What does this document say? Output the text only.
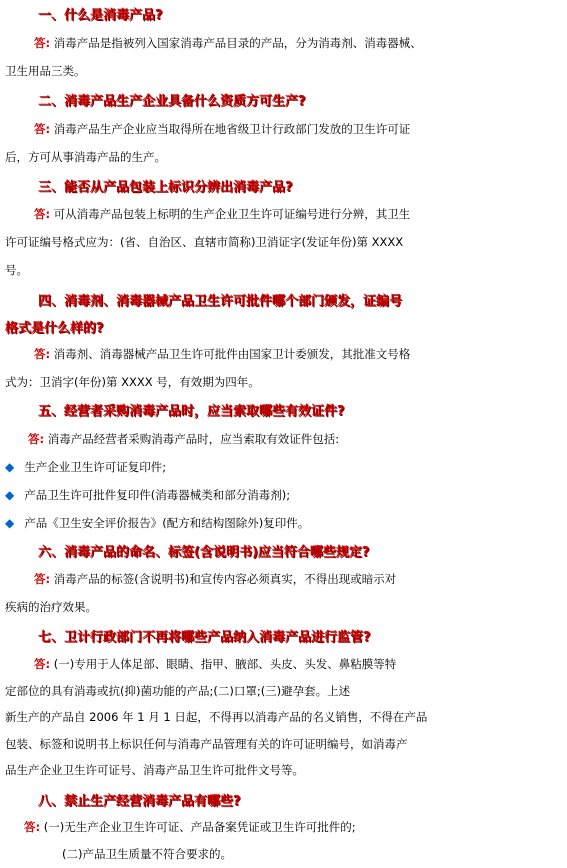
一、什么是消毒产品?
答: 消毒产品是指被列入国家消毒产品目录的产品，分为消毒剂、消毒器械、
卫生用品三类。
二、消毒产品生产企业具备什么资质方可生产?
答: 消毒产品生产企业应当取得所在地省级卫计行政部门发放的卫生许可证
后，方可从事消毒产品的生产。
三、能否从产品包装上标识分辨出消毒产品?
答: 可从消毒产品包装上标明的生产企业卫生许可证编号进行分辨，其卫生
许可证编号格式应为：(省、自治区、直辖市简称)卫消证字(发证年份)第 XXXX
号。
四、消毒剂、消毒器械产品卫生许可批件哪个部门颁发，证编号
格式是什么样的?
答: 消毒剂、消毒器械产品卫生许可批件由国家卫计委颁发，其批准文号格
式为：卫消字(年份)第 XXXX 号，有效期为四年。
五、经营者采购消毒产品时，应当索取哪些有效证件?
答: 消毒产品经营者采购消毒产品时，应当索取有效证件包括:
◆ 生产企业卫生许可证复印件;
◆ 产品卫生许可批件复印件(消毒器械类和部分消毒剂);
◆ 产品《卫生安全评价报告》(配方和结构图除外)复印件。
六、消毒产品的命名、标签(含说明书)应当符合哪些规定?
答: 消毒产品的标签(含说明书)和宣传内容必须真实，不得出现或暗示对
疾病的治疗效果。
七、卫计行政部门不再将哪些产品纳入消毒产品进行监管?
答: (一)专用于人体足部、眼睛、指甲、腋部、头皮、头发、鼻粘膜等特
定部位的具有消毒或抗(抑)菌功能的产品;(二)口罩;(三)避孕套。上述
新生产的产品自 2006 年 1 月 1 日起，不得再以消毒产品的名义销售，不得在产品
包装、标签和说明书上标识任何与消毒产品管理有关的许可证明编号，如消毒产
品生产企业卫生许可证号、消毒产品卫生许可批件文号等。
八、禁止生产经营消毒产品有哪些?
答: (一)无生产企业卫生许可证、产品备案凭证或卫生许可批件的;
(二)产品卫生质量不符合要求的。
